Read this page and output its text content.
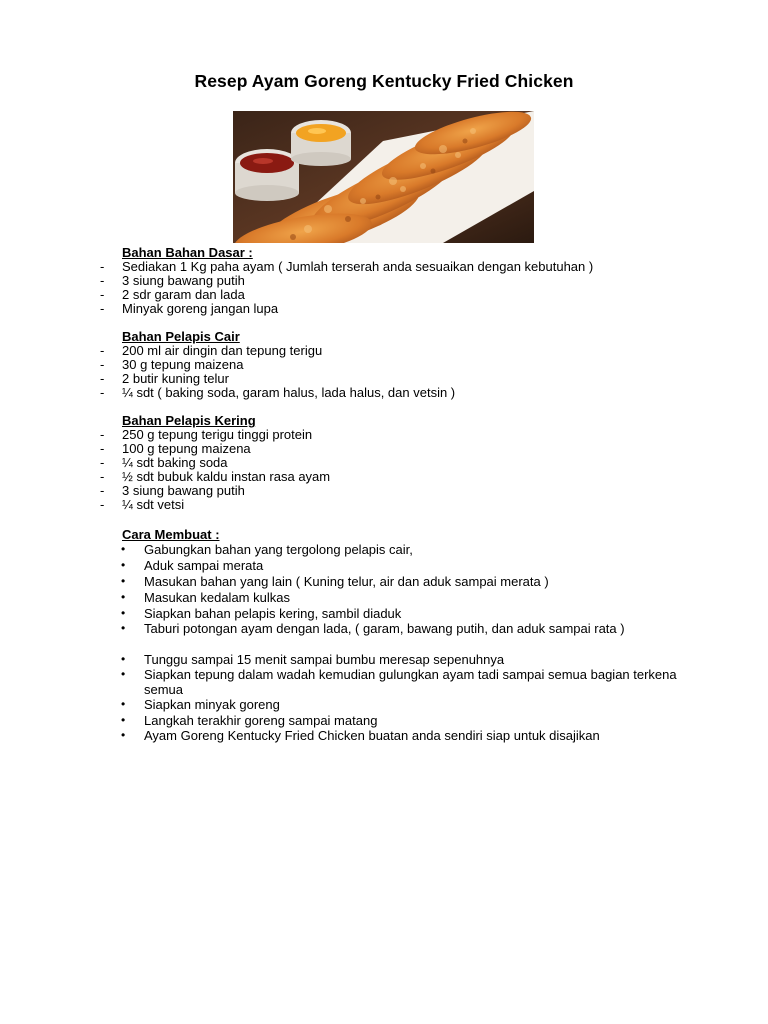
Resep Ayam Goreng Kentucky Fried Chicken
Bahan Bahan Dasar :
- Sediakan 1 Kg paha ayam ( Jumlah terserah anda sesuaikan dengan kebutuhan )
- 3 siung bawang putih
- 2 sdr garam dan lada
- Minyak goreng jangan lupa
Bahan Pelapis Cair
- 200 ml air dingin dan tepung terigu
- 30 g tepung maizena
- 2 butir kuning telur
- ¼ sdt ( baking soda, garam halus, lada halus, dan vetsin )
Bahan Pelapis Kering
- 250 g tepung terigu tinggi protein
- 100 g tepung maizena
- ¼ sdt baking soda
- ½ sdt bubuk kaldu instan rasa ayam
- 3 siung bawang putih
- ¼ sdt vetsi
Cara Membuat :
• Gabungkan bahan yang tergolong pelapis cair,
• Aduk sampai merata
• Masukan bahan yang lain ( Kuning telur, air dan aduk sampai merata )
• Masukan kedalam kulkas
• Siapkan bahan pelapis kering, sambil diaduk
• Taburi potongan ayam dengan lada, ( garam, bawang putih, dan aduk sampai rata )
• Tunggu sampai 15 menit sampai bumbu meresap sepenuhnya
• Siapkan tepung dalam wadah kemudian gulungkan ayam tadi sampai semua bagian terkena semua
• Siapkan minyak goreng
• Langkah terakhir goreng sampai matang
• Ayam Goreng Kentucky Fried Chicken buatan anda sendiri siap untuk disajikan
